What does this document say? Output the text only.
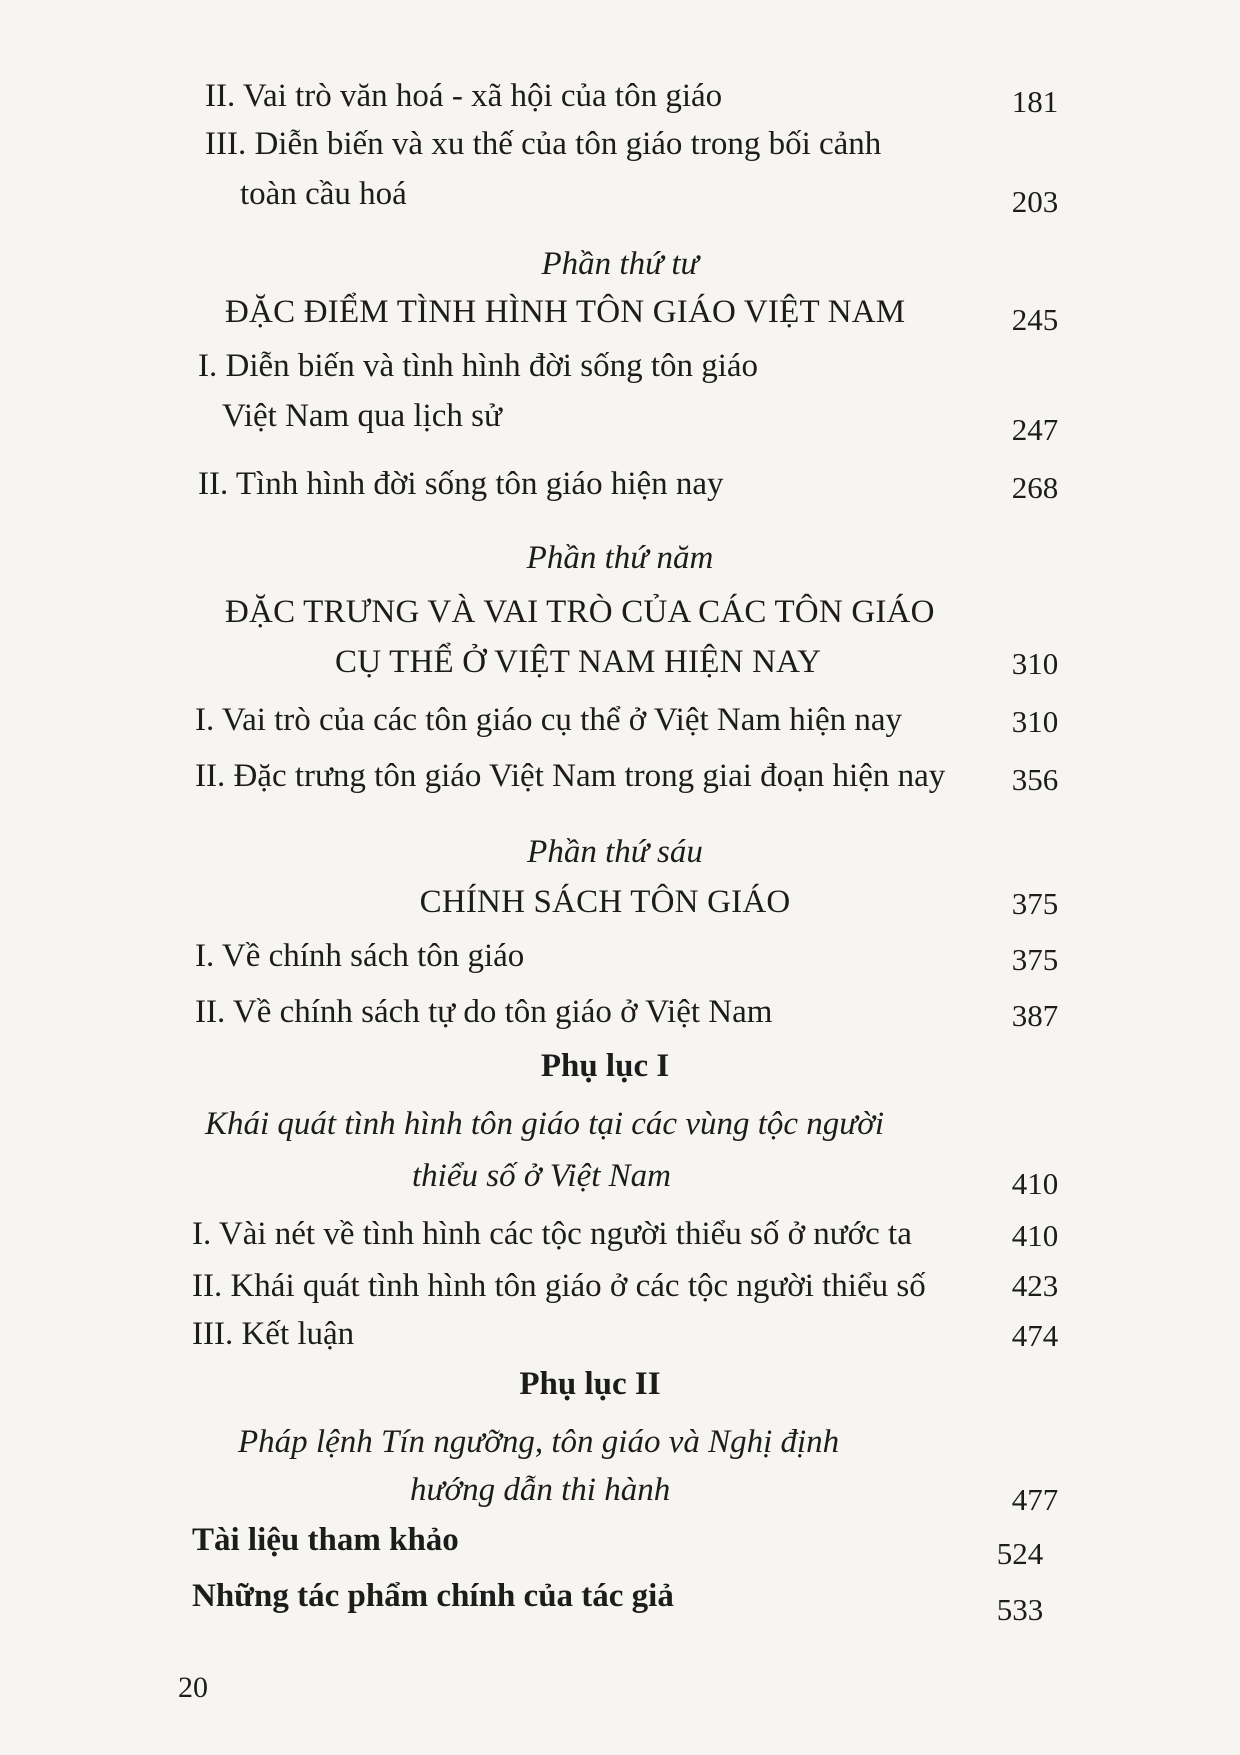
II. Vai trò văn hoá - xã hội của tôn giáo	181
III. Diễn biến và xu thế của tôn giáo trong bối cảnh
toàn cầu hoá	203
Phần thứ tư
ĐẶC ĐIỂM TÌNH HÌNH TÔN GIÁO VIỆT NAM	245
I. Diễn biến và tình hình đời sống tôn giáo
Việt Nam qua lịch sử	247
II. Tình hình đời sống tôn giáo hiện nay	268
Phần thứ năm
ĐẶC TRƯNG VÀ VAI TRÒ CỦA CÁC TÔN GIÁO
CỤ THỂ Ở VIỆT NAM HIỆN NAY	310
I. Vai trò của các tôn giáo cụ thể ở Việt Nam hiện nay	310
II. Đặc trưng tôn giáo Việt Nam trong giai đoạn hiện nay	356
Phần thứ sáu
CHÍNH SÁCH TÔN GIÁO	375
I. Về chính sách tôn giáo	375
II. Về chính sách tự do tôn giáo ở Việt Nam	387
Phụ lục I
Khái quát tình hình tôn giáo tại các vùng tộc người
thiểu số ở Việt Nam	410
I. Vài nét về tình hình các tộc người thiểu số ở nước ta	410
II. Khái quát tình hình tôn giáo ở các tộc người thiểu số	423
III. Kết luận	474
Phụ lục II
Pháp lệnh Tín ngưỡng, tôn giáo và Nghị định
hướng dẫn thi hành	477
Tài liệu tham khảo	524
Những tác phẩm chính của tác giả	533
20
